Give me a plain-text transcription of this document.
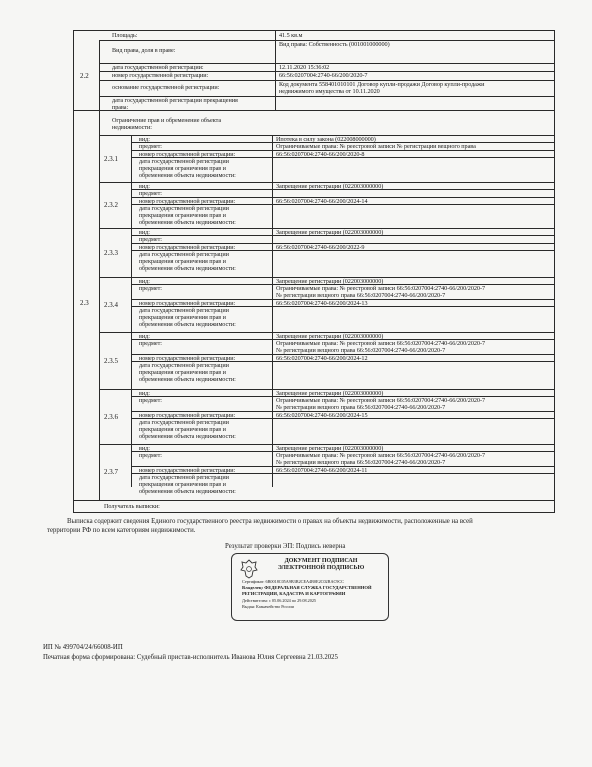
Площадь:	41.5 кв.м
Вид права, доля в праве:
Вид права: Собственность (001001000000)
2.2
дата государственной регистрации:	12.11.2020 15:36:02
номер государственной регистрации:	66:56:0207004:2740-66/200/2020-7
основание государственной регистрации:	Код документа 558401010101 Договор купли-продажи Договор купли-продажи
недвижимого имущества от 10.11.2020
дата государственной регистрации прекращения
права:
Ограничение прав и обременение объекта
недвижимости:
2.3
2.3.1
вид:	Ипотека в силу закона (022008000000)
предмет:	Ограничиваемые права: № реестровой записи № регистрации вещного права
номер государственной регистрации:	66:56:0207004:2740-66/200/2020-8
дата государственной регистрации
прекращения ограничения прав и
обременения объекта недвижимости:
2.3.2
вид:	Запрещение регистрации (022003000000)
предмет:
номер государственной регистрации:	66:56:0207004:2740-66/200/2024-14
дата государственной регистрации
прекращения ограничения прав и
обременения объекта недвижимости:
2.3.3
вид:	Запрещение регистрации (022003000000)
предмет:
номер государственной регистрации:	66:56:0207004:2740-66/200/2022-9
дата государственной регистрации
прекращения ограничения прав и
обременения объекта недвижимости:
2.3.4
вид:	Запрещение регистрации (022003000000)
предмет:	Ограничиваемые права: № реестровой записи 66:56:0207004:2740-66/200/2020-7
№ регистрации вещного права 66:56:0207004:2740-66/200/2020-7
номер государственной регистрации:	66:56:0207004:2740-66/200/2024-13
дата государственной регистрации
прекращения ограничения прав и
обременения объекта недвижимости:
2.3.5
вид:	Запрещение регистрации (022003000000)
предмет:	Ограничиваемые права: № реестровой записи 66:56:0207004:2740-66/200/2020-7
№ регистрации вещного права 66:56:0207004:2740-66/200/2020-7
номер государственной регистрации:	66:56:0207004:2740-66/200/2024-12
дата государственной регистрации
прекращения ограничения прав и
обременения объекта недвижимости:
2.3.6
вид:	Запрещение регистрации (022003000000)
предмет:	Ограничиваемые права: № реестровой записи 66:56:0207004:2740-66/200/2020-7
№ регистрации вещного права 66:56:0207004:2740-66/200/2020-7
номер государственной регистрации:	66:56:0207004:2740-66/200/2024-15
дата государственной регистрации
прекращения ограничения прав и
обременения объекта недвижимости:
2.3.7
вид:	Запрещение регистрации (022003000000)
предмет:	Ограничиваемые права: № реестровой записи 66:56:0207004:2740-66/200/2020-7
№ регистрации вещного права 66:56:0207004:2740-66/200/2020-7
номер государственной регистрации:	66:56:0207004:2740-66/200/2024-11
дата государственной регистрации
прекращения ограничения прав и
обременения объекта недвижимости:
Получатель выписки:
Выписка содержит сведения Единого государственного реестра недвижимости о правах на объекты недвижимости, расположенные на всей
территории РФ по всем категориям недвижимости.
Результат проверки ЭП: Подпись неверна
ДОКУМЕНТ ПОДПИСАН
ЭЛЕКТРОННОЙ ПОДПИСЬЮ
Сертификат: 6B0018C05A9B3B2CEA4B0E2C02BAC9CC
Владелец: ФЕДЕРАЛЬНАЯ СЛУЖБА ГОСУДАРСТВЕННОЙ
РЕГИСТРАЦИИ, КАДАСТРА И КАРТОГРАФИИ
Действителен: с 05.06.2024 по 29.08.2025
Выдан: Казначейство России
ИП № 499704/24/66008-ИП
Печатная форма сформирована: Судебный пристав-исполнитель Иванова Юлия Сергеевна 21.03.2025
